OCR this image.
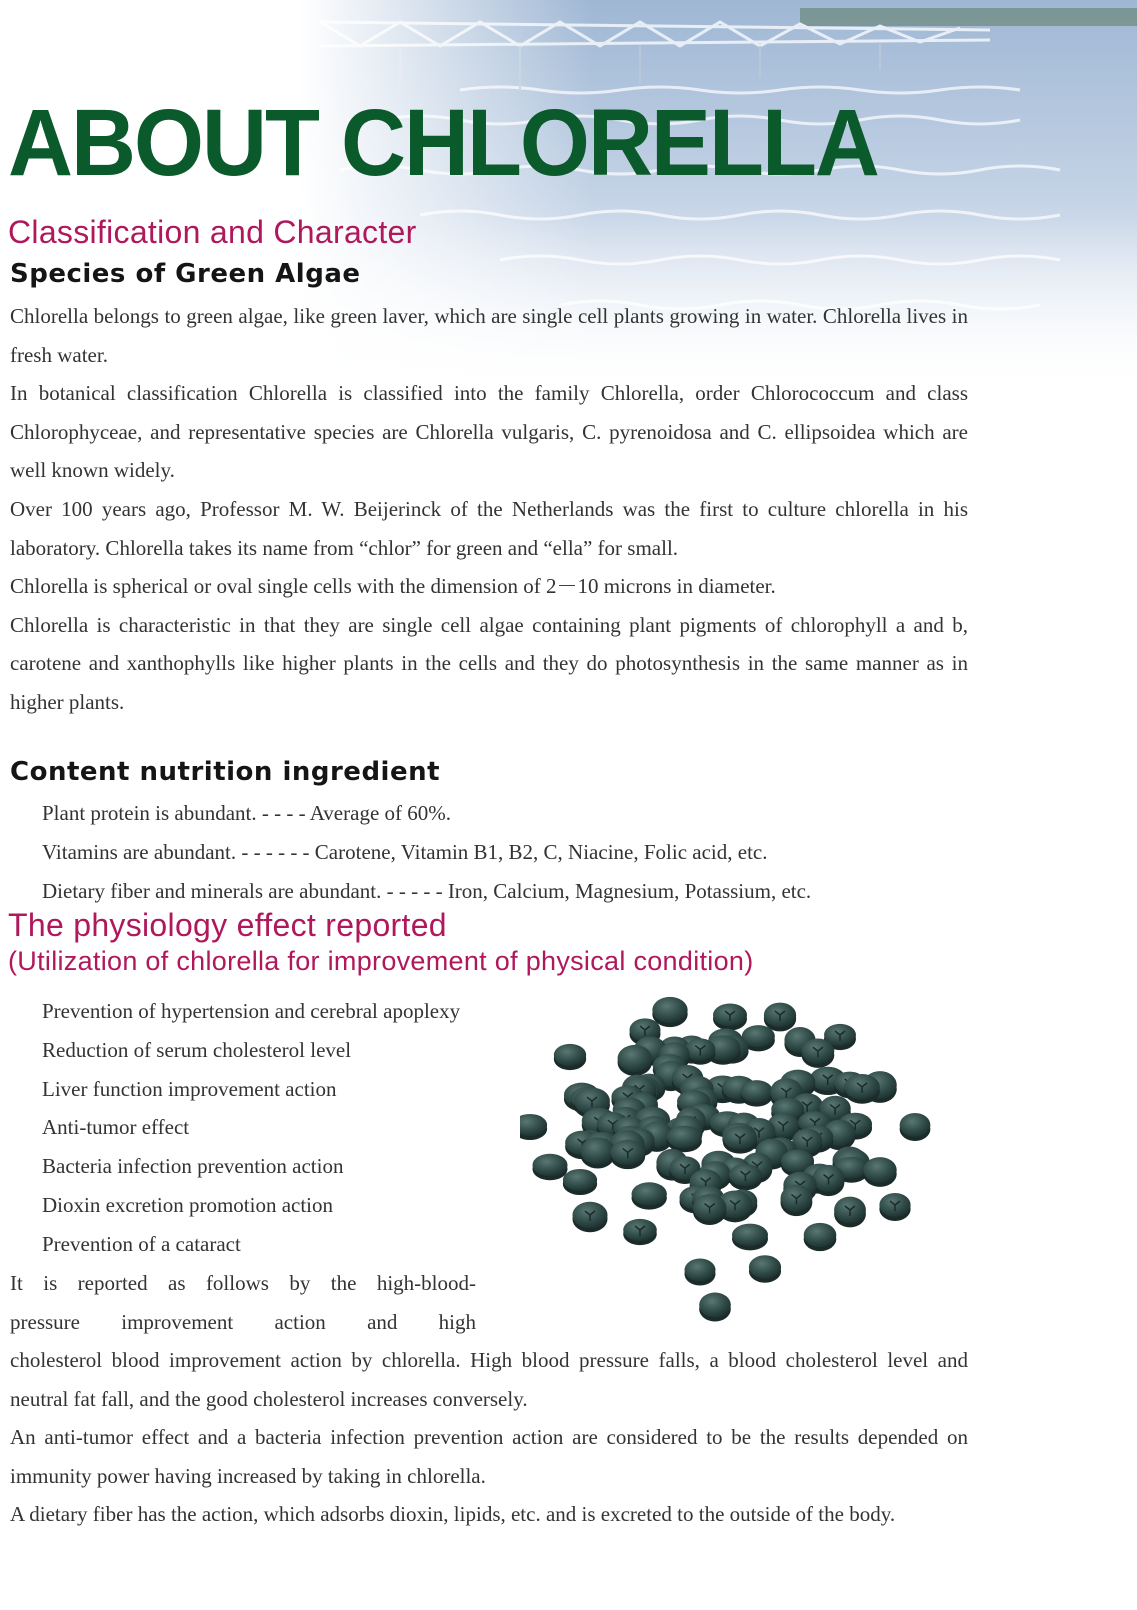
ABOUT CHLORELLA
Classification and Character
Species of Green Algae

Chlorella belongs to green algae, like green laver, which are single cell plants growing in water. Chlorella lives in fresh water.

In botanical classification Chlorella is classified into the family Chlorella, order Chlorococcum and class Chlorophyceae, and representative species are Chlorella vulgaris, C. pyrenoidosa and C. ellipsoidea which are well known widely.

Over 100 years ago, Professor M. W. Beijerinck of the Netherlands was the first to culture chlorella in his laboratory. Chlorella takes its name from “chlor” for green and “ella” for small.

Chlorella is spherical or oval single cells with the dimension of 2－10 microns in diameter.

Chlorella is characteristic in that they are single cell algae containing plant pigments of chlorophyll a and b, carotene and xanthophylls like higher plants in the cells and they do photosynthesis in the same manner as in higher plants.

Content nutrition ingredient
Plant protein is abundant. - - - - Average of 60%.
Vitamins are abundant. - - - - - - Carotene, Vitamin B1, B2, C, Niacine, Folic acid, etc.
Dietary fiber and minerals are abundant. - - - - - Iron, Calcium, Magnesium, Potassium, etc.
The physiology effect reported
(Utilization of chlorella for improvement of physical condition)
Prevention of hypertension and cerebral apoplexy
Reduction of serum cholesterol level
Liver function improvement action
Anti-tumor effect
Bacteria infection prevention action
Dioxin excretion promotion action
Prevention of a cataract
It is reported as follows by the high-blood-
pressure improvement action and high

cholesterol blood improvement action by chlorella. High blood pressure falls, a blood cholesterol level and neutral fat fall, and the good cholesterol increases conversely.

An anti-tumor effect and a bacteria infection prevention action are considered to be the results depended on immunity power having increased by taking in chlorella.

A dietary fiber has the action, which adsorbs dioxin, lipids, etc. and is excreted to the outside of the body.
